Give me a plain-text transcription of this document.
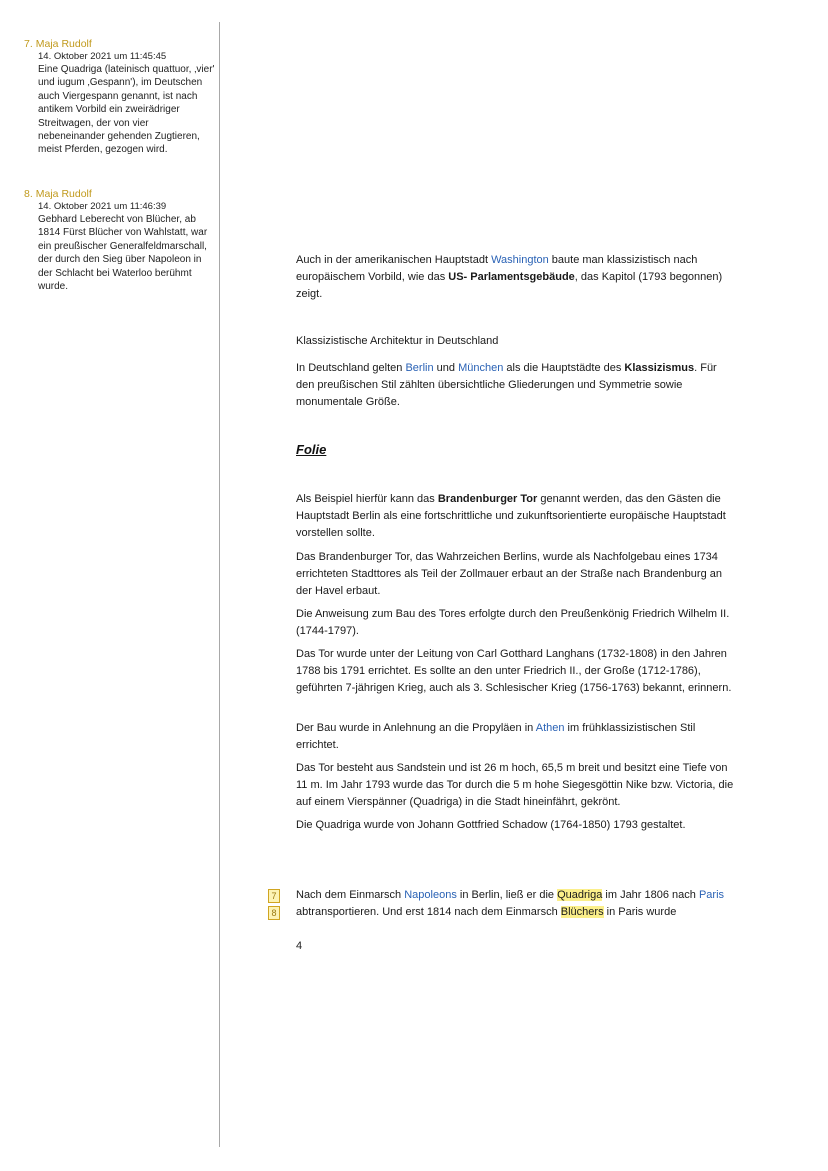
7. Maja Rudolf
14. Oktober 2021 um 11:45:45
Eine Quadriga (lateinisch quattuor, ‚vier' und iugum ‚Gespann'), im Deutschen auch Viergespann genannt, ist nach antikem Vorbild ein zweirädriger Streitwagen, der von vier nebeneinander gehenden Zugtieren, meist Pferden, gezogen wird.
8. Maja Rudolf
14. Oktober 2021 um 11:46:39
Gebhard Leberecht von Blücher, ab 1814 Fürst Blücher von Wahlstatt, war ein preußischer Generalfeldmarschall, der durch den Sieg über Napoleon in der Schlacht bei Waterloo berühmt wurde.

Auch in der amerikanischen Hauptstadt Washington baute man klassizistisch nach europäischem Vorbild, wie das US- Parlamentsgebäude, das Kapitol (1793 begonnen) zeigt.

Klassizistische Architektur in Deutschland

In Deutschland gelten Berlin und München als die Hauptstädte des Klassizismus. Für den preußischen Stil zählten übersichtliche Gliederungen und Symmetrie sowie monumentale Größe.

Folie

Als Beispiel hierfür kann das Brandenburger Tor genannt werden, das den Gästen die Hauptstadt Berlin als eine fortschrittliche und zukunftsorientierte europäische Hauptstadt vorstellen sollte.

Das Brandenburger Tor, das Wahrzeichen Berlins, wurde als Nachfolgebau eines 1734 errichteten Stadttores als Teil der Zollmauer erbaut an der Straße nach Brandenburg an der Havel erbaut.

Die Anweisung zum Bau des Tores erfolgte durch den Preußenkönig Friedrich Wilhelm II. (1744-1797).

Das Tor wurde unter der Leitung von Carl Gotthard Langhans (1732-1808) in den Jahren 1788 bis 1791 errichtet. Es sollte an den unter Friedrich II., der Große (1712-1786), geführten 7-jährigen Krieg, auch als 3. Schlesischer Krieg (1756-1763) bekannt, erinnern.

Der Bau wurde in Anlehnung an die Propyläen in Athen im frühklassizistischen Stil errichtet.

Das Tor besteht aus Sandstein und ist 26 m hoch, 65,5 m breit und besitzt eine Tiefe von 11 m. Im Jahr 1793 wurde das Tor durch die 5 m hohe Siegesgöttin Nike bzw. Victoria, die auf einem Vierspänner (Quadriga) in die Stadt hineinfährt, gekrönt.

Die Quadriga wurde von Johann Gottfried Schadow (1764-1850) 1793 gestaltet.

7
8

Nach dem Einmarsch Napoleons in Berlin, ließ er die Quadriga im Jahr 1806 nach Paris abtransportieren. Und erst 1814 nach dem Einmarsch Blüchers in Paris wurde

4
